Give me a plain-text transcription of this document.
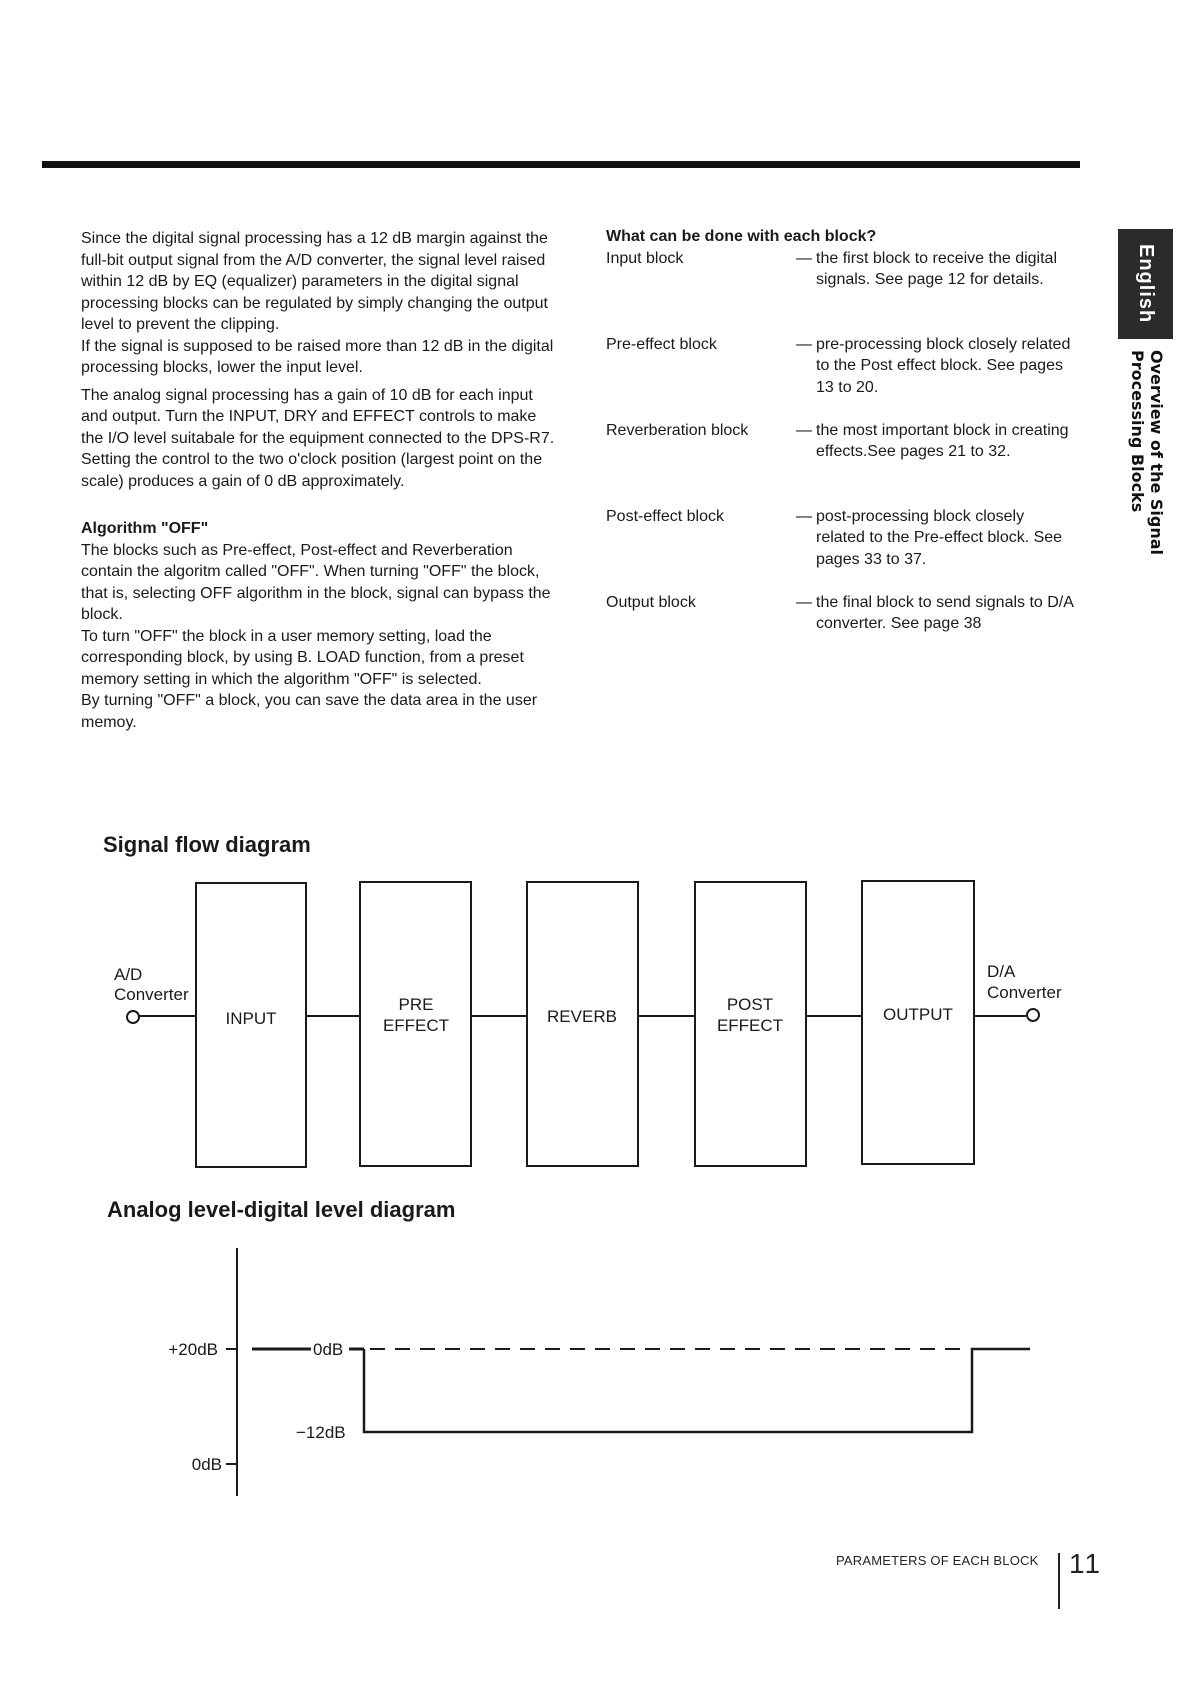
Since the digital signal processing has a 12 dB margin against the full-bit output signal from the A/D converter, the signal level raised within 12 dB by EQ (equalizer) parameters in the digital signal processing blocks can be regulated by simply changing the output level to prevent the clipping.

If the signal is supposed to be raised more than 12 dB in the digital processing blocks, lower the input level.

The analog signal processing has a gain of 10 dB for each input and output. Turn the INPUT, DRY and EFFECT controls to make the I/O level suitabale for the equipment connected to the DPS-R7. Setting the control to the two o'clock position (largest point on the scale) produces a gain of 0 dB approximately.

Algorithm "OFF"

The blocks such as Pre-effect, Post-effect and Reverberation contain the algoritm called "OFF". When turning "OFF" the block, that is, selecting OFF algorithm in the block, signal can bypass the block.

To turn "OFF" the block in a user memory setting, load the corresponding block, by using B. LOAD function, from a preset memory setting in which the algorithm "OFF" is selected.

By turning "OFF" a block, you can save the data area in the user memoy.

What can be done with each block?

Input block	— the first block to receive the digital signals. See page 12 for details.
Pre-effect block	— pre-processing block closely related to the Post effect block. See pages 13 to 20.
Reverberation block	— the most important block in creating effects.See pages 21 to 32.
Post-effect block	— post-processing block closely related to the Pre-effect block. See pages 33 to 37.
Output block	— the final block to send signals to D/A converter. See page 38
English
Overview of the Signal Processing Blocks
Signal flow diagram
A/D
Converter
D/A
Converter
INPUT
PRE
EFFECT	REVERB
POST
EFFECT
OUTPUT
Analog level-digital level diagram
+20dB
0dB
0dB
−12dB
PARAMETERS OF EACH BLOCK 11
